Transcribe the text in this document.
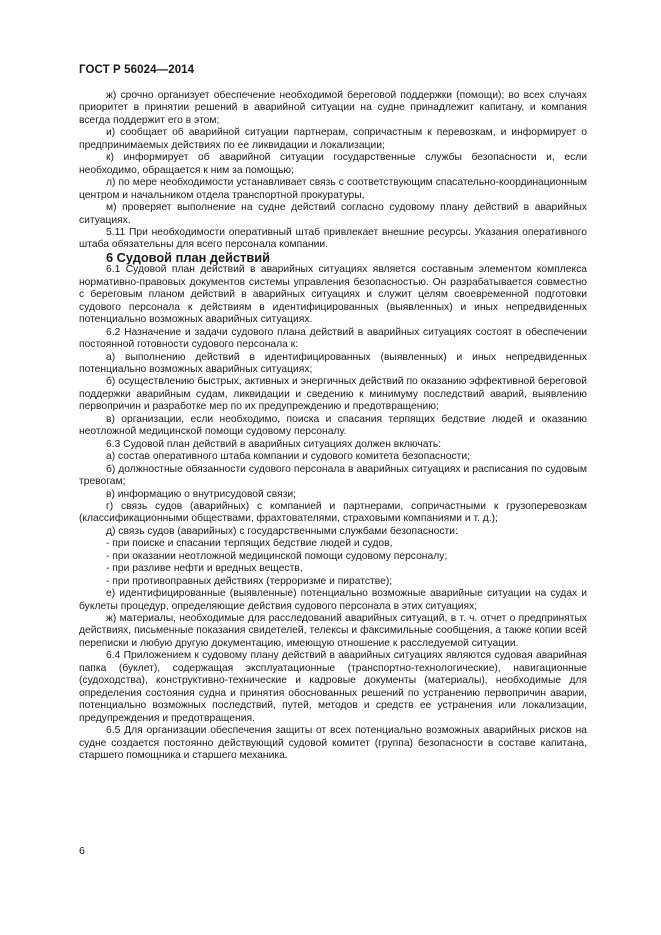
ГОСТ Р 56024—2014

ж) срочно организует обеспечение необходимой береговой поддержки (помощи); во всех случаях приоритет в принятии решений в аварийной ситуации на судне принадлежит капитану, и компания всегда поддержит его в этом;

и) сообщает об аварийной ситуации партнерам, сопричастным к перевозкам, и информирует о предпринимаемых действиях по ее ликвидации и локализации;

к) информирует об аварийной ситуации государственные службы безопасности и, если необходимо, обращается к ним за помощью;

л) по мере необходимости устанавливает связь с соответствующим спасательно-координационным центром и начальником отдела транспортной прокуратуры,

м) проверяет выполнение на судне действий согласно судовому плану действий в аварийных ситуациях.

5.11 При необходимости оперативный штаб привлекает внешние ресурсы. Указания оперативного штаба обязательны для всего персонала компании.

6 Судовой план действий

6.1 Судовой план действий в аварийных ситуациях является составным элементом комплекса нормативно-правовых документов системы управления безопасностью. Он разрабатывается совместно с береговым планом действий в аварийных ситуациях и служит целям своевременной подготовки судового персонала к действиям в идентифицированных (выявленных) и иных непредвиденных потенциально возможных аварийных ситуациях.

6.2 Назначение и задачи судового плана действий в аварийных ситуациях состоят в обеспечении постоянной готовности судового персонала к:

а) выполнению действий в идентифицированных (выявленных) и иных непредвиденных потенциально возможных аварийных ситуациях;

б) осуществлению быстрых, активных и энергичных действий по оказанию эффективной береговой поддержки аварийным судам, ликвидации и сведению к минимуму последствий аварий, выявлению первопричин и разработке мер по их предупреждению и предотвращению;

в) организации, если необходимо, поиска и спасания терпящих бедствие людей и оказанию неотложной медицинской помощи судовому персоналу.

6.3 Судовой план действий в аварийных ситуациях должен включать:

а) состав оперативного штаба компании и судового комитета безопасности;

б) должностные обязанности судового персонала в аварийных ситуациях и расписания по судовым тревогам;

в) информацию о внутрисудовой связи;

г) связь судов (аварийных) с компанией и партнерами, сопричастными к грузоперевозкам (классификационными обществами, фрахтователями, страховыми компаниями и т. д.);

д) связь судов (аварийных) с государственными службами безопасности:

- при поиске и спасании терпящих бедствие людей и судов,

- при оказании неотложной медицинской помощи судовому персоналу;

- при разливе нефти и вредных веществ,

- при противоправных действиях (терроризме и пиратстве);

е) идентифицированные (выявленные) потенциально возможные аварийные ситуации на судах и буклеты процедур, определяющие действия судового персонала в этих ситуациях;

ж) материалы, необходимые для расследований аварийных ситуаций, в т. ч. отчет о предпринятых действиях, письменные показания свидетелей, телексы и факсимильные сообщения, а также копии всей переписки и любую другую документацию, имеющую отношение к расследуемой ситуации.

6.4 Приложением к судовому плану действий в аварийных ситуациях являются судовая аварийная папка (буклет), содержащая эксплуатационные (транспортно-технологические), навигационные (судоходства), конструктивно-технические и кадровые документы (материалы), необходимые для определения состояния судна и принятия обоснованных решений по устранению первопричин аварии, потенциально возможных последствий, путей, методов и средств ее устранения или локализации, предупреждения и предотвращения.

6.5 Для организации обеспечения защиты от всех потенциально возможных аварийных рисков на судне создается постоянно действующий судовой комитет (группа) безопасности в составе капитана, старшего помощника и старшего механика.

6
